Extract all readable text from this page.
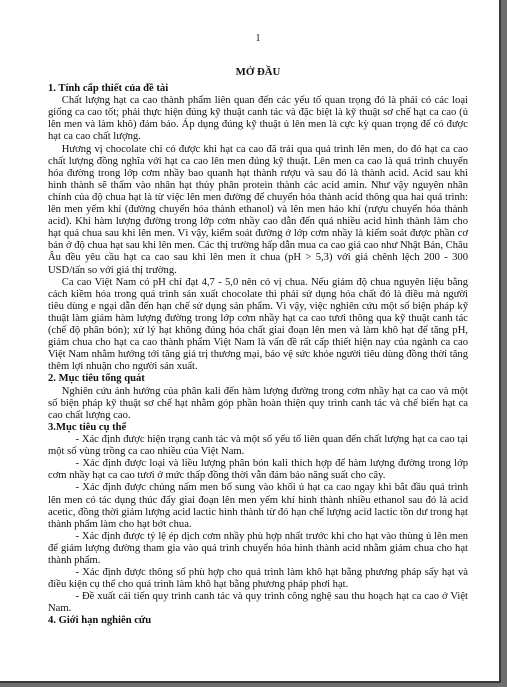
1
MỞ ĐẦU
1. Tính cấp thiết của đề tài

Chất lượng hạt ca cao thành phẩm liên quan đến các yếu tố quan trọng đó là phải có các loại giống ca cao tốt; phải thực hiện đúng kỹ thuật canh tác và đặc biệt là kỹ thuật sơ chế hạt ca cao (ủ lên men và làm khô) đảm bảo. Áp dụng đúng kỹ thuật ủ lên men là cực kỳ quan trọng để có được hạt ca cao chất lượng.

Hương vị chocolate chỉ có được khi hạt ca cao đã trải qua quá trình lên men, do đó hạt ca cao chất lượng đồng nghĩa với hạt ca cao lên men đúng kỹ thuật. Lên men ca cao là quá trình chuyển hóa đường trong lớp cơm nhầy bao quanh hạt thành rượu và sau đó là thành acid. Acid sau khi hình thành sẽ thẩm vào nhân hạt thủy phân protein thành các acid amin. Như vậy nguyên nhân chính của độ chua hạt là từ việc lên men đường để chuyển hóa thành acid thông qua hai quá trình: lên men yếm khí (đường chuyển hóa thành ethanol) và lên men háo khí (rượu chuyển hóa thành acid). Khi hàm lượng đường trong lớp cơm nhầy cao dẫn đến quá nhiều acid hình thành làm cho hạt quá chua sau khi lên men. Vì vậy, kiểm soát đường ở lớp cơm nhầy là kiểm soát được phần cơ bản ở độ chua hạt sau khi lên men. Các thị trường hấp dẫn mua ca cao giá cao như Nhật Bản, Châu Âu đều yêu cầu hạt ca cao sau khi lên men ít chua (pH > 5,3) với giá chênh lệch 200 - 300 USD/tấn so với giá thị trường.

Ca cao Việt Nam có pH chỉ đạt 4,7 - 5,0 nên có vị chua. Nếu giảm độ chua nguyên liệu bằng cách kiềm hóa trong quá trình sản xuất chocolate thì phải sử dụng hóa chất đó là điều mà người tiêu dùng e ngại dẫn đến hạn chế sử dụng sản phẩm. Vì vậy, việc nghiên cứu một số biện pháp kỹ thuật làm giảm hàm lượng đường trong lớp cơm nhầy hạt ca cao tươi thông qua kỹ thuật canh tác (chế độ phân bón); xử lý hạt không đúng hóa chất giai đoạn lên men và làm khô hạt để tăng pH, giảm chua cho hạt ca cao thành phẩm Việt Nam là vấn đề rất cấp thiết hiện nay của ngành ca cao Việt Nam nhằm hướng tới tăng giá trị thương mại, bảo vệ sức khỏe người tiêu dùng đồng thời tăng thêm lợi nhuận cho người sản xuất.

2. Mục tiêu tổng quát

Nghiên cứu ảnh hưởng của phân kali đến hàm lượng đường trong cơm nhầy hạt ca cao và một số biện pháp kỹ thuật sơ chế hạt nhằm góp phần hoàn thiện quy trình canh tác và chế biến hạt ca cao chất lượng cao.

3.Mục tiêu cụ thể

- Xác định được hiện trạng canh tác và một số yếu tố liên quan đến chất lượng hạt ca cao tại một số vùng trồng ca cao nhiều của Việt Nam.

- Xác định được loại và liều lượng phân bón kali thích hợp để hàm lượng đường trong lớp cơm nhầy hạt ca cao tươi ở mức thấp đồng thời vẫn đảm bảo năng suất cho cây.

- Xác định được chủng nấm men bổ sung vào khối ủ hạt ca cao ngay khi bắt đầu quá trình lên men có tác dụng thúc đẩy giai đoạn lên men yếm khí hình thành nhiều ethanol sau đó là acid acetic, đồng thời giảm lượng acid lactic hình thành từ đó hạn chế lượng acid lactic tồn dư trong hạt thành phẩm làm cho hạt bớt chua.

- Xác định được tỷ lệ ép dịch cơm nhầy phù hợp nhất trước khi cho hạt vào thùng ủ lên men để giảm lượng đường tham gia vào quá trình chuyển hóa hình thành acid nhằm giảm chua cho hạt thành phẩm.

- Xác định được thông số phù hợp cho quá trình làm khô hạt bằng phương pháp sấy hạt và điều kiện cụ thể cho quá trình làm khô hạt bằng phương pháp phơi hạt.

- Đề xuất cải tiến quy trình canh tác và quy trình công nghệ sau thu hoạch hạt ca cao ở Việt Nam.

4. Giới hạn nghiên cứu
